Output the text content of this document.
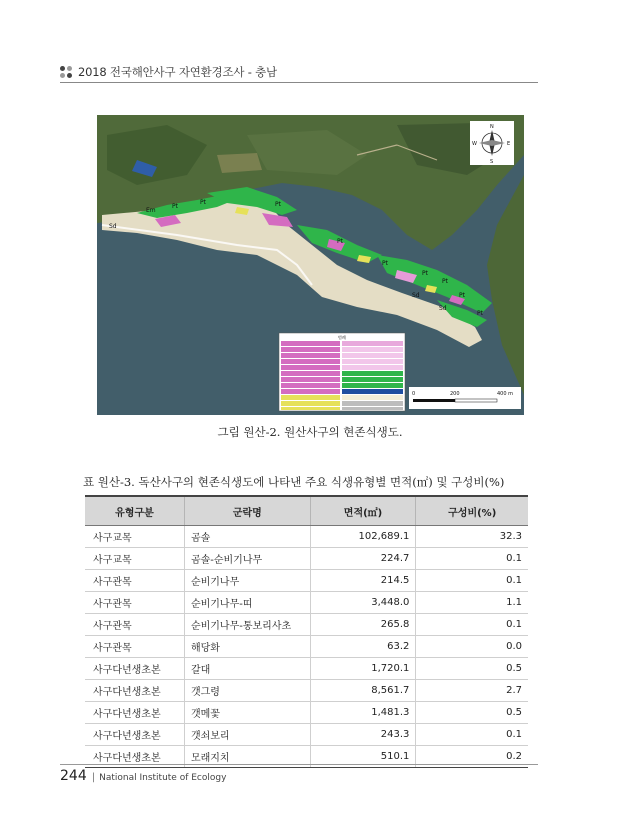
2018 전국해안사구 자연환경조사 - 충남
Em
Pt
Pt	Pt
Sd
Pt
Pt
Pt
Sd
Pt
Pt
Sd
Pt
N
S
E
W
범례
0	200	400 m
그림 원산-2. 원산사구의 현존식생도.
표 원산-3. 독산사구의 현존식생도에 나타낸 주요 식생유형별 면적(㎡) 및 구성비(%)
유형구분	군락명	면적(㎡)	구성비(%)
사구교목	곰솔	102,689.1	32.3
사구교목	곰솔-순비기나무	224.7	0.1
사구관목	순비기나무	214.5	0.1
사구관목	순비기나무-띠	3,448.0	1.1
사구관목	순비기나무-통보리사초	265.8	0.1
사구관목	해당화	63.2	0.0
사구다년생초본	갈대	1,720.1	0.5
사구다년생초본	갯그령	8,561.7	2.7
사구다년생초본	갯메꽃	1,481.3	0.5
사구다년생초본	갯쇠보리	243.3	0.1
사구다년생초본	모래지치	510.1	0.2
244 | National Institute of Ecology
